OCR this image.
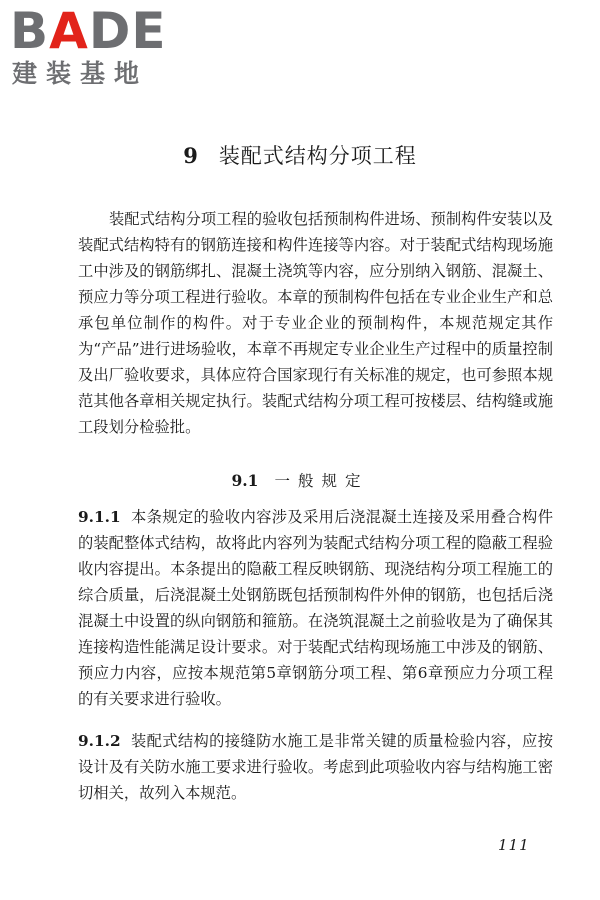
BADE
建装基地
9 装配式结构分项工程

装配式结构分项工程的验收包括预制构件进场、预制构件安装以及装配式结构特有的钢筋连接和构件连接等内容。对于装配式结构现场施工中涉及的钢筋绑扎、混凝土浇筑等内容，应分别纳入钢筋、混凝土、预应力等分项工程进行验收。本章的预制构件包括在专业企业生产和总承包单位制作的构件。对于专业企业的预制构件，本规范规定其作为“产品”进行进场验收，本章不再规定专业企业生产过程中的质量控制及出厂验收要求，具体应符合国家现行有关标准的规定，也可参照本规范其他各章相关规定执行。装配式结构分项工程可按楼层、结构缝或施工段划分检验批。

9.1 一般规定

9.1.1 本条规定的验收内容涉及采用后浇混凝土连接及采用叠合构件的装配整体式结构，故将此内容列为装配式结构分项工程的隐蔽工程验收内容提出。本条提出的隐蔽工程反映钢筋、现浇结构分项工程施工的综合质量，后浇混凝土处钢筋既包括预制构件外伸的钢筋，也包括后浇混凝土中设置的纵向钢筋和箍筋。在浇筑混凝土之前验收是为了确保其连接构造性能满足设计要求。对于装配式结构现场施工中涉及的钢筋、预应力内容，应按本规范第5章钢筋分项工程、第6章预应力分项工程的有关要求进行验收。

9.1.2 装配式结构的接缝防水施工是非常关键的质量检验内容，应按设计及有关防水施工要求进行验收。考虑到此项验收内容与结构施工密切相关，故列入本规范。

111
